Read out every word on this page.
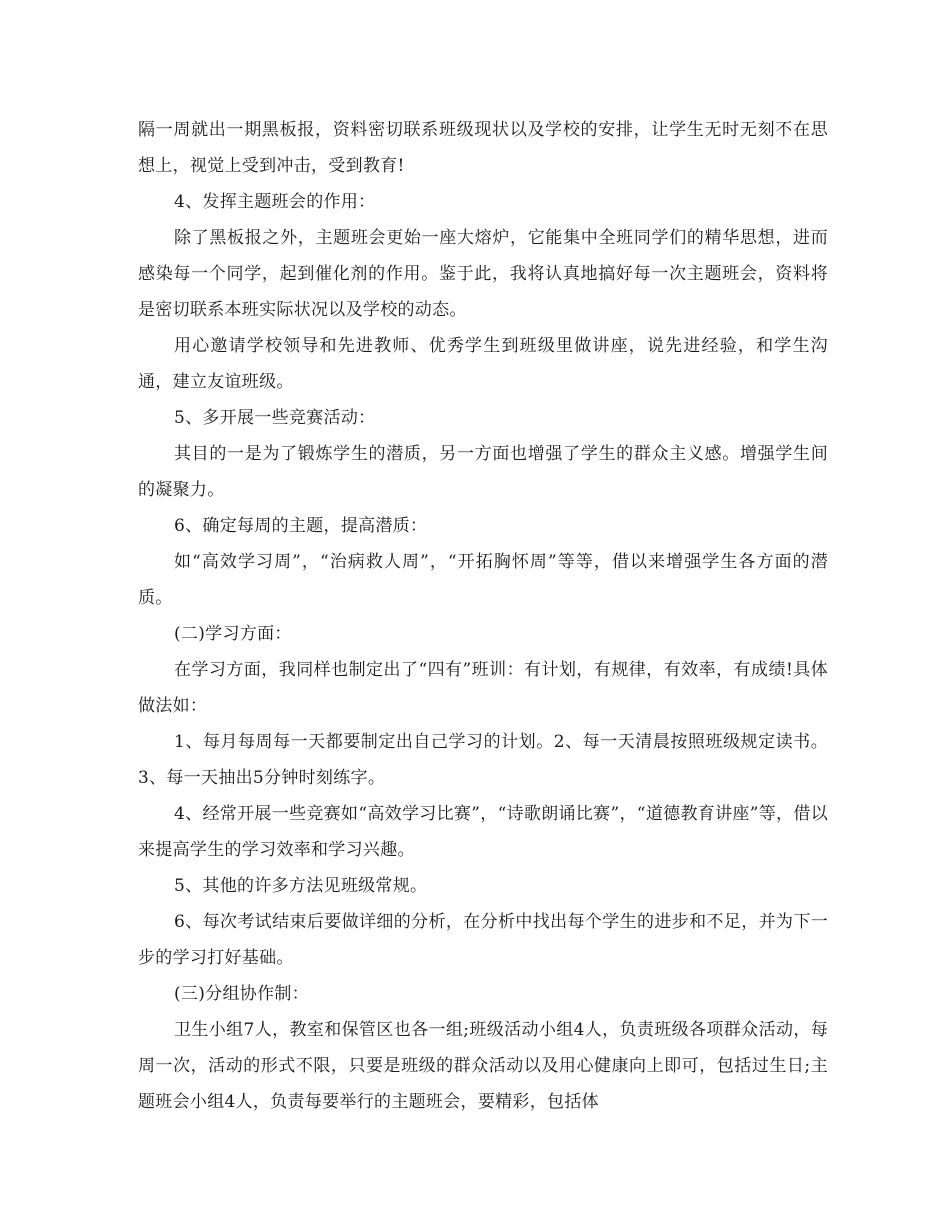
隔一周就出一期黑板报，资料密切联系班级现状以及学校的安排，让学生无时无刻不在思想上，视觉上受到冲击，受到教育!

4、发挥主题班会的作用：

除了黑板报之外，主题班会更始一座大熔炉，它能集中全班同学们的精华思想，进而感染每一个同学，起到催化剂的作用。鉴于此，我将认真地搞好每一次主题班会，资料将是密切联系本班实际状况以及学校的动态。

用心邀请学校领导和先进教师、优秀学生到班级里做讲座，说先进经验，和学生沟通，建立友谊班级。

5、多开展一些竞赛活动：

其目的一是为了锻炼学生的潜质，另一方面也增强了学生的群众主义感。增强学生间的凝聚力。

6、确定每周的主题，提高潜质：

如“高效学习周”，“治病救人周”，“开拓胸怀周”等等，借以来增强学生各方面的潜质。

(二)学习方面：

在学习方面，我同样也制定出了“四有”班训：有计划，有规律，有效率，有成绩!具体做法如：

1、每月每周每一天都要制定出自己学习的计划。2、每一天清晨按照班级规定读书。3、每一天抽出5分钟时刻练字。

4、经常开展一些竞赛如“高效学习比赛”，“诗歌朗诵比赛”，“道德教育讲座”等，借以来提高学生的学习效率和学习兴趣。

5、其他的许多方法见班级常规。

6、每次考试结束后要做详细的分析，在分析中找出每个学生的进步和不足，并为下一步的学习打好基础。

(三)分组协作制：

卫生小组7人，教室和保管区也各一组;班级活动小组4人，负责班级各项群众活动，每周一次，活动的形式不限，只要是班级的群众活动以及用心健康向上即可，包括过生日;主题班会小组4人，负责每要举行的主题班会，要精彩，包括体
